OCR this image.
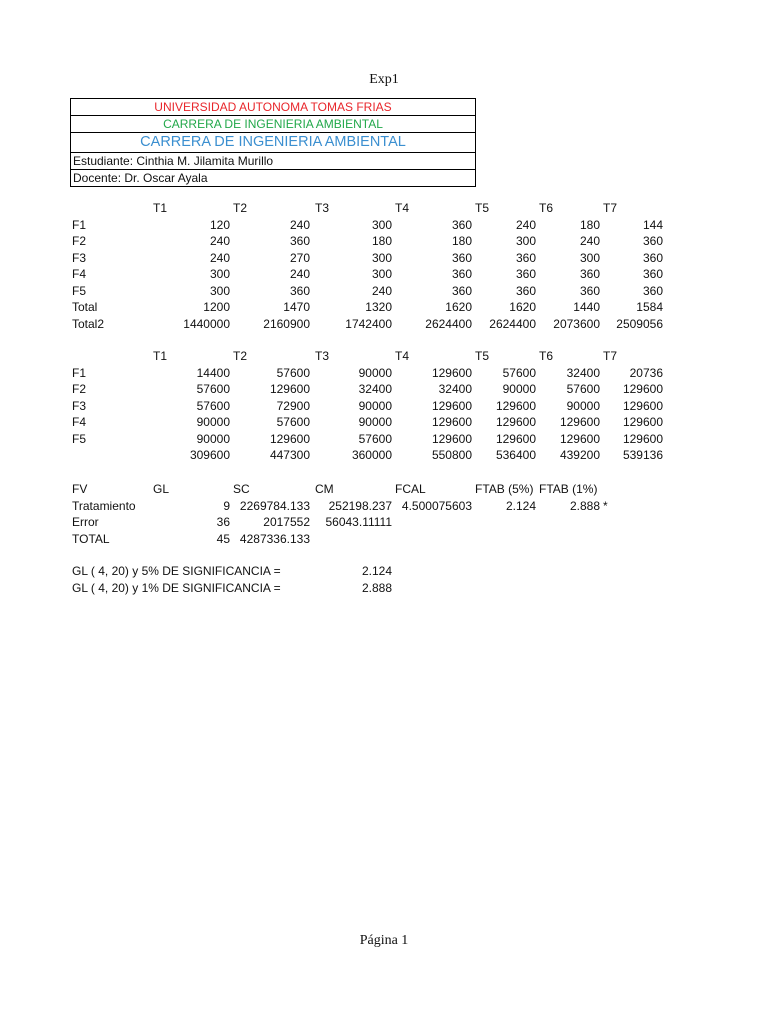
Exp1
UNIVERSIDAD AUTONOMA TOMAS FRIAS
CARRERA DE INGENIERIA AMBIENTAL
CARRERA DE INGENIERIA AMBIENTAL
Estudiante: Cinthia M. Jilamita Murillo
Docente: Dr. Oscar Ayala
T1	T2	T3	T4	T5	T6	T7
F1	120	240	300	360	240	180	144
F2	240	360	180	180	300	240	360
F3	240	270	300	360	360	300	360
F4	300	240	300	360	360	360	360
F5	300	360	240	360	360	360	360
Total	1200	1470	1320	1620	1620	1440	1584
Total2	1440000	2160900	1742400	2624400	2624400	2073600	2509056
T1	T2	T3	T4	T5	T6	T7
F1	14400	57600	90000	129600	57600	32400	20736
F2	57600	129600	32400	32400	90000	57600	129600
F3	57600	72900	90000	129600	129600	90000	129600
F4	90000	57600	90000	129600	129600	129600	129600
F5	90000	129600	57600	129600	129600	129600	129600
309600	447300	360000	550800	536400	439200	539136
FV	GL	SC	CM	FCAL	FTAB (5%) FTAB (1%)
Tratamiento	9 2269784.133	252198.237 4.500075603	2.124	2.888 *
Error	36	2017552	56043.11111
TOTAL	45 4287336.133
GL ( 4, 20) y 5% DE SIGNIFICANCIA =	2.124
GL ( 4, 20) y 1% DE SIGNIFICANCIA =	2.888
Página 1
